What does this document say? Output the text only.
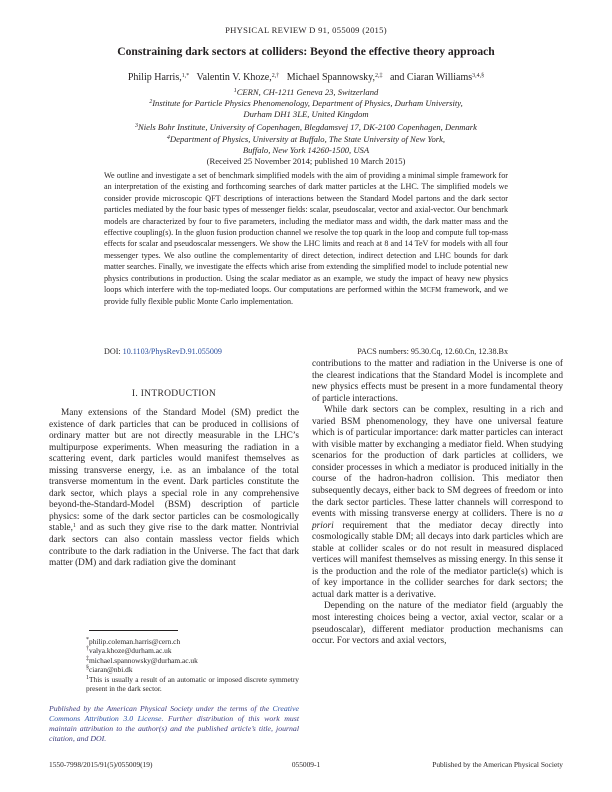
PHYSICAL REVIEW D 91, 055009 (2015)
Constraining dark sectors at colliders: Beyond the effective theory approach
Philip Harris,$^{1,*}$ Valentin V. Khoze,$^{2,\dagger}$ Michael Spannowsky,$^{2,\ddagger}$ and Ciaran Williams$^{3,4,\S}$
$^1$CERN, CH-1211 Geneva 23, Switzerland
$^2$Institute for Particle Physics Phenomenology, Department of Physics, Durham University,
Durham DH1 3LE, United Kingdom
$^3$Niels Bohr Institute, University of Copenhagen, Blegdamsvej 17, DK-2100 Copenhagen, Denmark
$^4$Department of Physics, University at Buffalo, The State University of New York,
Buffalo, New York 14260-1500, USA
(Received 25 November 2014; published 10 March 2015)
We outline and investigate a set of benchmark simplified models with the aim of providing a minimal simple framework for an interpretation of the existing and forthcoming searches of dark matter particles at the LHC. The simplified models we consider provide microscopic QFT descriptions of interactions between the Standard Model partons and the dark sector particles mediated by the four basic types of messenger fields: scalar, pseudoscalar, vector and axial-vector. Our benchmark models are characterized by four to five parameters, including the mediator mass and width, the dark matter mass and the effective coupling(s). In the gluon fusion production channel we resolve the top quark in the loop and compute full top-mass effects for scalar and pseudoscalar messengers. We show the LHC limits and reach at 8 and 14 TeV for models with all four messenger types. We also outline the complementarity of direct detection, indirect detection and LHC bounds for dark matter searches. Finally, we investigate the effects which arise from extending the simplified model to include potential new physics contributions in production. Using the scalar mediator as an example, we study the impact of heavy new physics loops which interfere with the top-mediated loops. Our computations are performed within the MCFM framework, and we provide fully flexible public Monte Carlo implementation.
DOI: 10.1103/PhysRevD.91.055009	PACS numbers: 95.30.Cq, 12.60.Cn, 12.38.Bx
I. INTRODUCTION

Many extensions of the Standard Model (SM) predict the existence of dark particles that can be produced in collisions of ordinary matter but are not directly measurable in the LHC’s multipurpose experiments. When measuring the radiation in a scattering event, dark particles would manifest themselves as missing transverse energy, i.e. as an imbalance of the total transverse momentum in the event. Dark particles constitute the dark sector, which plays a special role in any comprehensive beyond-the-Standard-Model (BSM) description of particle physics: some of the dark sector particles can be cosmologically stable,$^1$ and as such they give rise to the dark matter. Nontrivial dark sectors can also contain massless vector fields which contribute to the dark radiation in the Universe. The fact that dark matter (DM) and dark radiation give the dominant

*philip.coleman.harris@cern.ch
†valya.khoze@durham.ac.uk
‡michael.spannowsky@durham.ac.uk
§ciaran@nbi.dk
$^1$This is usually a result of an automatic or imposed discrete symmetry present in the dark sector.
Published by the American Physical Society under the terms of the Creative Commons Attribution 3.0 License. Further distribution of this work must maintain attribution to the author(s) and the published article’s title, journal citation, and DOI.
contributions to the matter and radiation in the Universe is one of the clearest indications that the Standard Model is incomplete and new physics effects must be present in a more fundamental theory of particle interactions.

While dark sectors can be complex, resulting in a rich and varied BSM phenomenology, they have one universal feature which is of particular importance: dark matter particles can interact with visible matter by exchanging a mediator field. When studying scenarios for the production of dark particles at colliders, we consider processes in which a mediator is produced initially in the course of the hadron-hadron collision. This mediator then subsequently decays, either back to SM degrees of freedom or into the dark sector particles. These latter channels will correspond to events with missing transverse energy at colliders. There is no a priori requirement that the mediator decay directly into cosmologically stable DM; all decays into dark particles which are stable at collider scales or do not result in measured displaced vertices will manifest themselves as missing energy. In this sense it is the production and the role of the mediator particle(s) which is of key importance in the collider searches for dark sectors; the actual dark matter is a derivative.

Depending on the nature of the mediator field (arguably the most interesting choices being a vector, axial vector, scalar or a pseudoscalar), different mediator production mechanisms can occur. For vectors and axial vectors,

1550-7998/2015/91(5)/055009(19)	055009-1	Published by the American Physical Society
